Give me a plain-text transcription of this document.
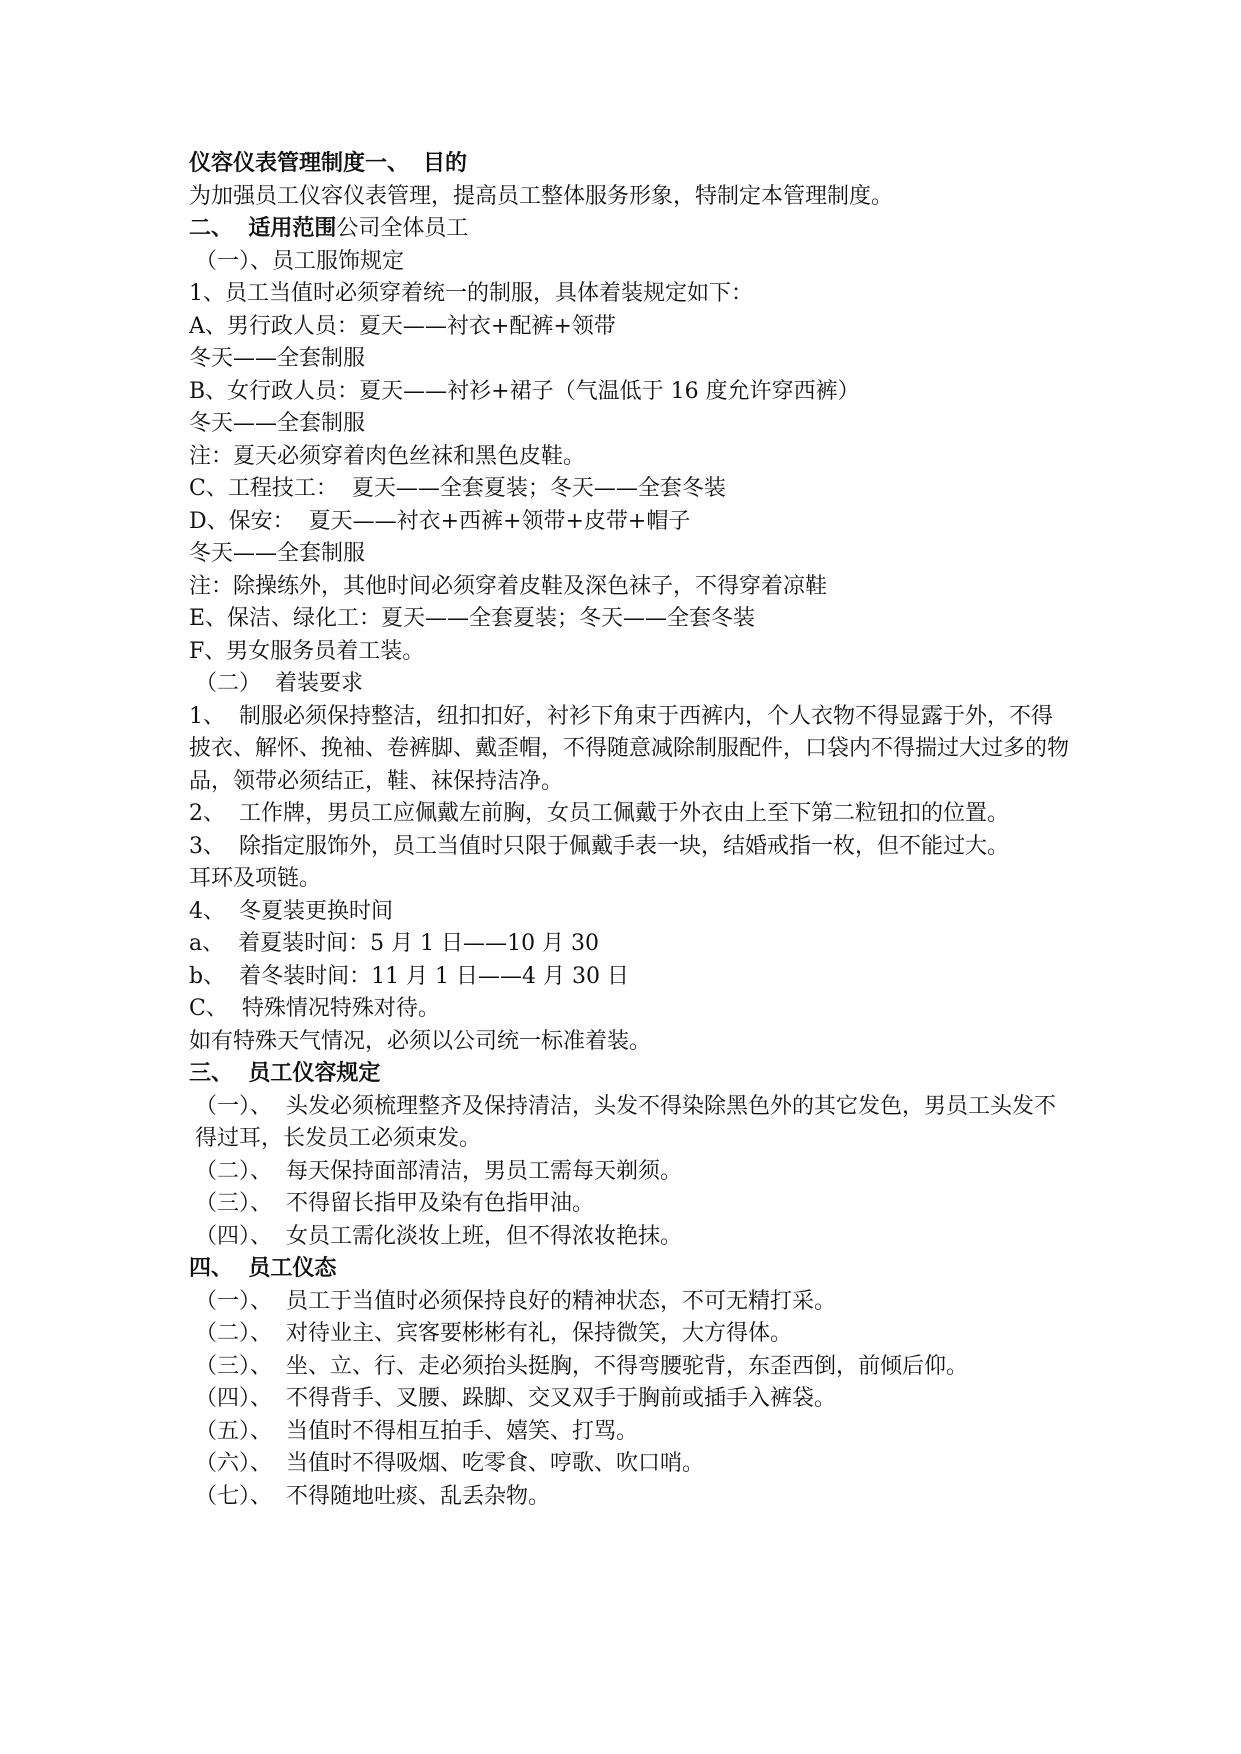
仪容仪表管理制度一、 目的

为加强员工仪容仪表管理，提高员工整体服务形象，特制定本管理制度。

二、  适用范围公司全体员工

（一）、员工服饰规定

1、员工当值时必须穿着统一的制服，具体着装规定如下：

A、男行政人员：夏天——衬衣+配裤+领带

冬天——全套制服

B、女行政人员：夏天——衬衫+裙子（气温低于 16 度允许穿西裤）

冬天——全套制服

注：夏天必须穿着肉色丝袜和黑色皮鞋。

C、工程技工：  夏天——全套夏装；冬天——全套冬装

D、保安：  夏天——衬衣+西裤+领带+皮带+帽子

冬天——全套制服

注：除操练外，其他时间必须穿着皮鞋及深色袜子，不得穿着凉鞋

E、保洁、绿化工：夏天——全套夏装；冬天——全套冬装

F、男女服务员着工装。

（二）  着装要求

1、  制服必须保持整洁，纽扣扣好，衬衫下角束于西裤内，个人衣物不得显露于外，不得披衣、解怀、挽袖、卷裤脚、戴歪帽，不得随意减除制服配件，口袋内不得揣过大过多的物品，领带必须结正，鞋、袜保持洁净。

2、  工作牌，男员工应佩戴左前胸，女员工佩戴于外衣由上至下第二粒钮扣的位置。

3、  除指定服饰外，员工当值时只限于佩戴手表一块，结婚戒指一枚，但不能过大。

耳环及项链。

4、  冬夏装更换时间

a、  着夏装时间：5 月 1 日——10 月 30

b、  着冬装时间：11 月 1 日——4 月 30 日

C、  特殊情况特殊对待。

如有特殊天气情况，必须以公司统一标准着装。

三、  员工仪容规定

（一）、  头发必须梳理整齐及保持清洁，头发不得染除黑色外的其它发色，男员工头发不得过耳，长发员工必须束发。

（二）、  每天保持面部清洁，男员工需每天剃须。

（三）、  不得留长指甲及染有色指甲油。

（四）、  女员工需化淡妆上班，但不得浓妆艳抹。

四、  员工仪态

（一）、  员工于当值时必须保持良好的精神状态，不可无精打采。

（二）、  对待业主、宾客要彬彬有礼，保持微笑，大方得体。

（三）、  坐、立、行、走必须抬头挺胸，不得弯腰驼背，东歪西倒，前倾后仰。

（四）、  不得背手、叉腰、跺脚、交叉双手于胸前或插手入裤袋。

（五）、  当值时不得相互拍手、嬉笑、打骂。

（六）、  当值时不得吸烟、吃零食、哼歌、吹口哨。

（七）、  不得随地吐痰、乱丢杂物。
